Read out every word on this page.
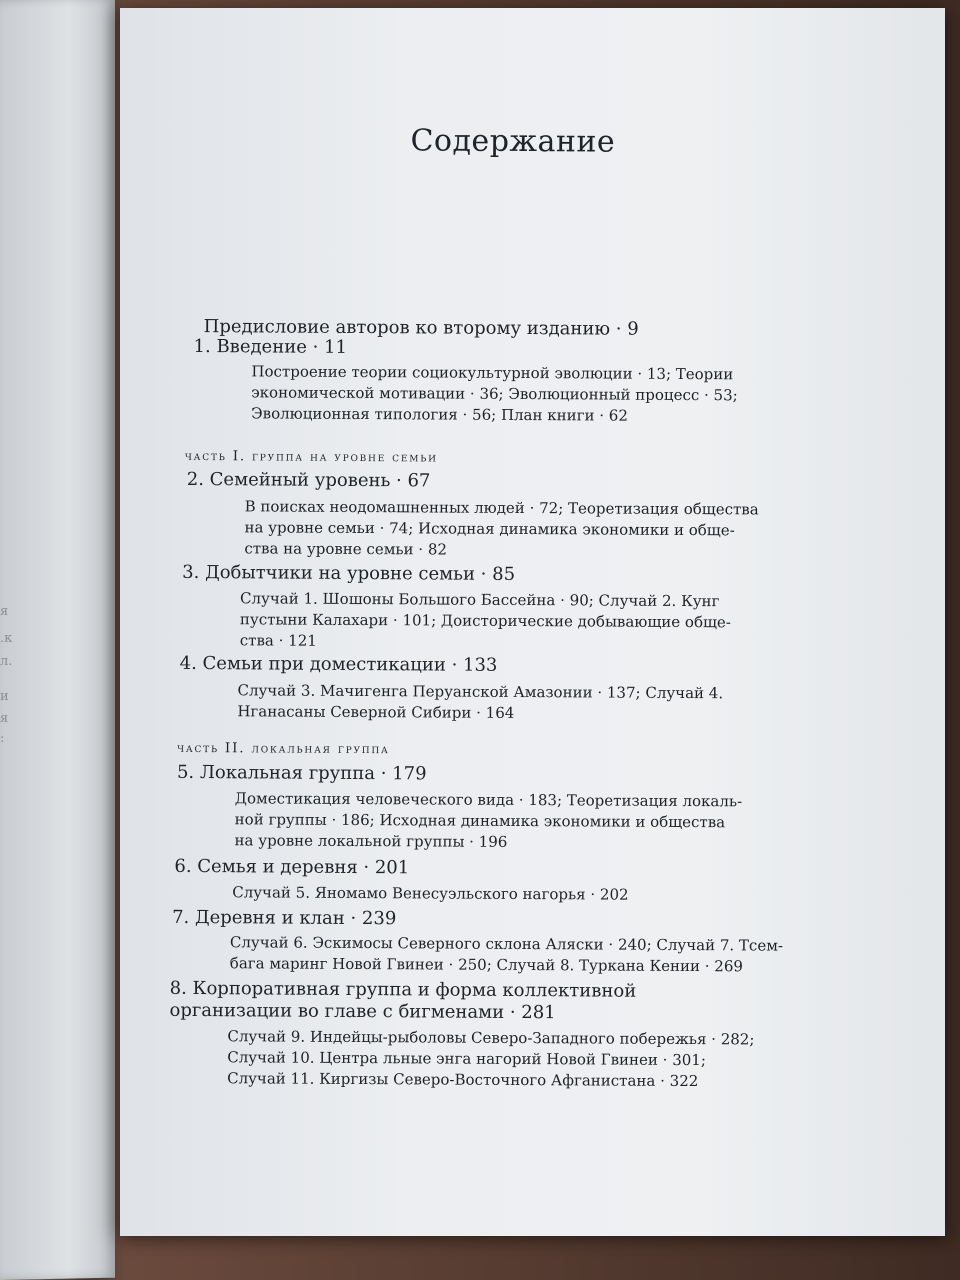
я
.к
л.
и
я
:
Содержание
Предисловие авторов ко второму изданию · 9
1. Введение · 11
Построение теории социокультурной эволюции · 13; Теории
экономической мотивации · 36; Эволюционный процесс · 53;
Эволюционная типология · 56; План книги · 62
часть I. группа на уровне семьи
2. Семейный уровень · 67
В поисках неодомашненных людей · 72; Теоретизация общества
на уровне семьи · 74; Исходная динамика экономики и обще-
ства на уровне семьи · 82
3. Добытчики на уровне семьи · 85
Случай 1. Шошоны Большого Бассейна · 90; Случай 2. Кунг
пустыни Калахари · 101; Доисторические добывающие обще-
ства · 121
4. Семьи при доместикации · 133
Случай 3. Мачигенга Перуанской Амазонии · 137; Случай 4.
Нганасаны Северной Сибири · 164
часть II. локальная группа
5. Локальная группа · 179
Доместикация человеческого вида · 183; Теоретизация локаль-
ной группы · 186; Исходная динамика экономики и общества
на уровне локальной группы · 196
6. Семья и деревня · 201
Случай 5. Яномамо Венесуэльского нагорья · 202
7. Деревня и клан · 239
Случай 6. Эскимосы Северного склона Аляски · 240; Случай 7. Тсем-
бага маринг Новой Гвинеи · 250; Случай 8. Туркана Кении · 269
8. Корпоративная группа и форма коллективной
организации во главе с бигменами · 281
Случай 9. Индейцы-рыболовы Северо-Западного побережья · 282;
Случай 10. Центра льные энга нагорий Новой Гвинеи · 301;
Случай 11. Киргизы Северо-Восточного Афганистана · 322
